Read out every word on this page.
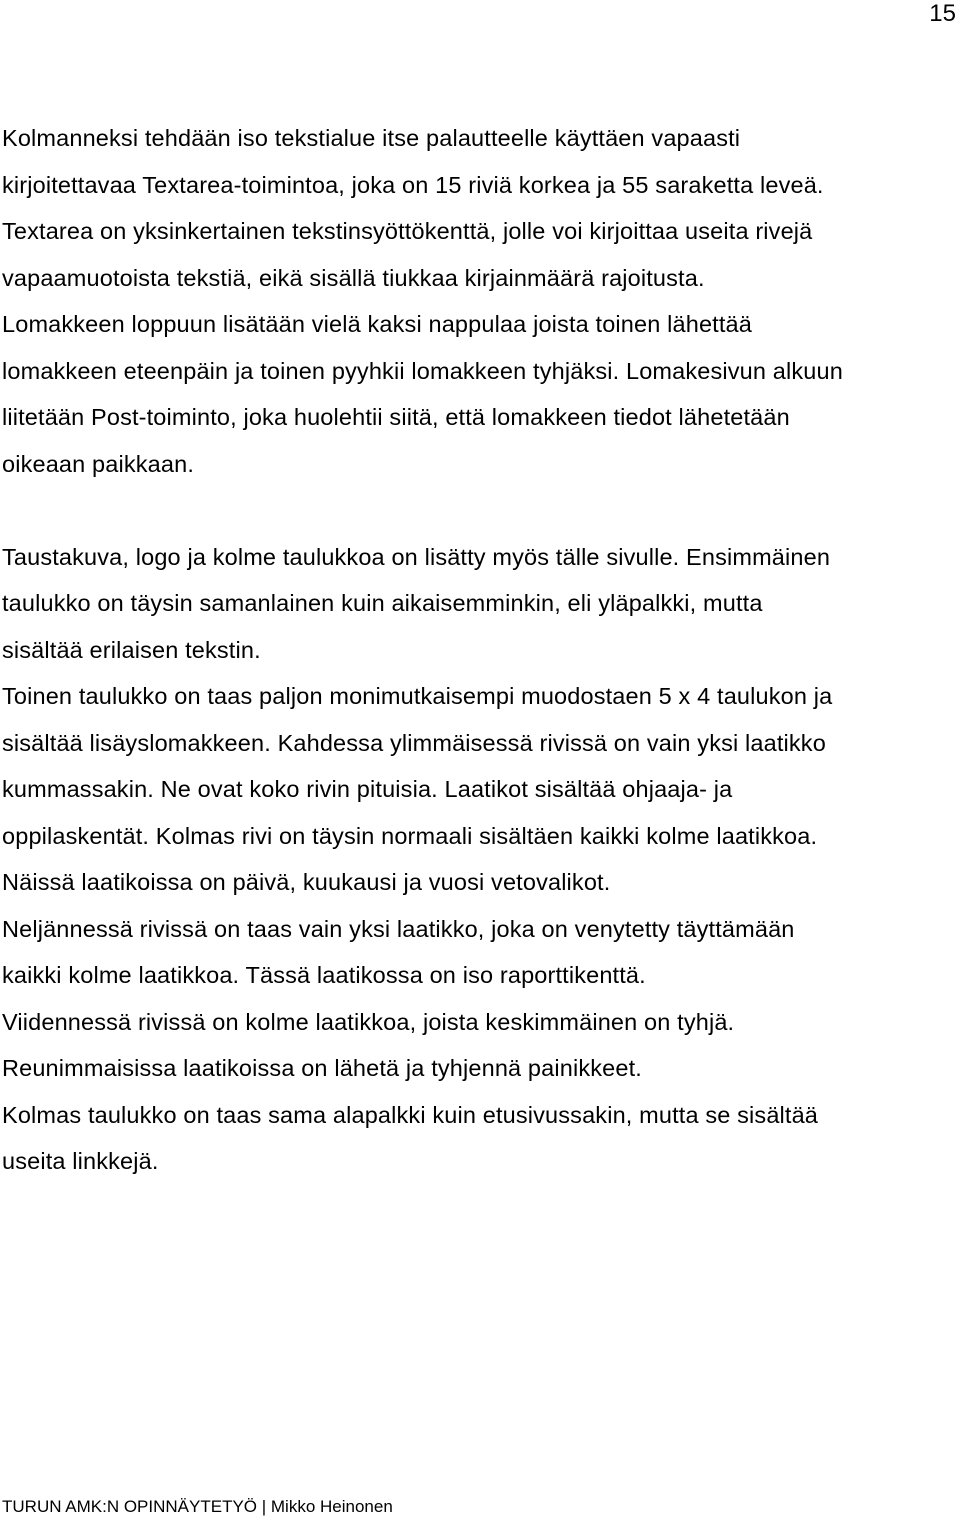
15

Kolmanneksi tehdään iso tekstialue itse palautteelle käyttäen vapaasti
kirjoitettavaa Textarea-toimintoa, joka on 15 riviä korkea ja 55 saraketta leveä.
Textarea on yksinkertainen tekstinsyöttökenttä, jolle voi kirjoittaa useita rivejä
vapaamuotoista tekstiä, eikä sisällä tiukkaa kirjainmäärä rajoitusta.
Lomakkeen loppuun lisätään vielä kaksi nappulaa joista toinen lähettää
lomakkeen eteenpäin ja toinen pyyhkii lomakkeen tyhjäksi. Lomakesivun alkuun
liitetään Post-toiminto, joka huolehtii siitä, että lomakkeen tiedot lähetetään
oikeaan paikkaan.

Taustakuva, logo ja kolme taulukkoa on lisätty myös tälle sivulle. Ensimmäinen
taulukko on täysin samanlainen kuin aikaisemminkin, eli yläpalkki, mutta
sisältää erilaisen tekstin.
Toinen taulukko on taas paljon monimutkaisempi muodostaen 5 x 4 taulukon ja
sisältää lisäyslomakkeen. Kahdessa ylimmäisessä rivissä on vain yksi laatikko
kummassakin. Ne ovat koko rivin pituisia. Laatikot sisältää ohjaaja- ja
oppilaskentät. Kolmas rivi on täysin normaali sisältäen kaikki kolme laatikkoa.
Näissä laatikoissa on päivä, kuukausi ja vuosi vetovalikot.
Neljännessä rivissä on taas vain yksi laatikko, joka on venytetty täyttämään
kaikki kolme laatikkoa. Tässä laatikossa on iso raporttikenttä.
Viidennessä rivissä on kolme laatikkoa, joista keskimmäinen on tyhjä.
Reunimmaisissa laatikoissa on lähetä ja tyhjennä painikkeet.
Kolmas taulukko on taas sama alapalkki kuin etusivussakin, mutta se sisältää
useita linkkejä.

TURUN AMK:N OPINNÄYTETYÖ | Mikko Heinonen
